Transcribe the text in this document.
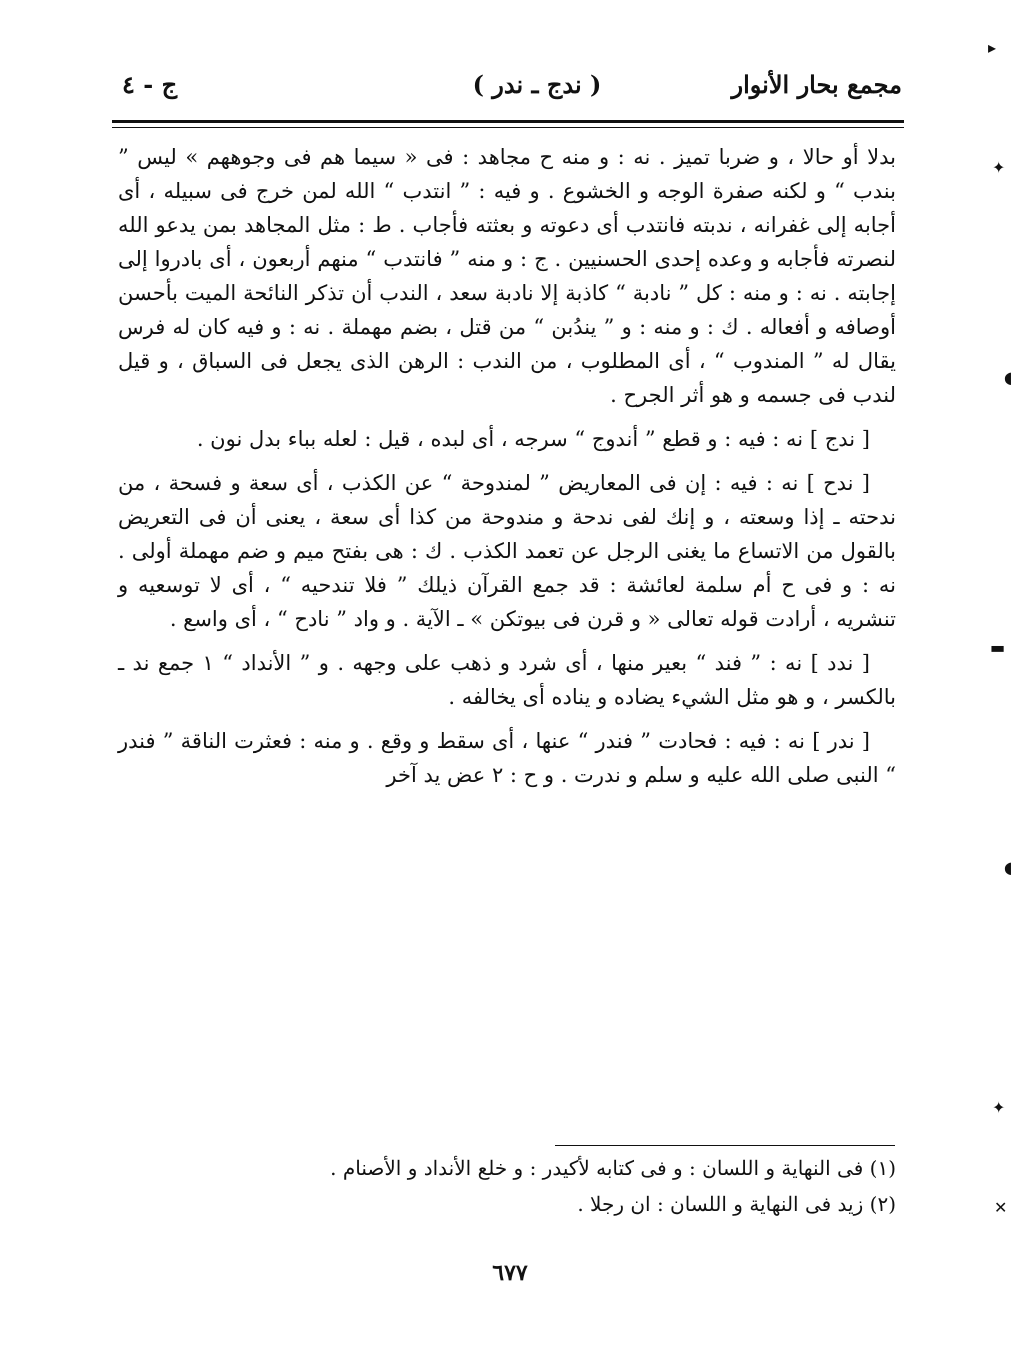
مجمع بحار الأنوار
( ندج ـ ندر )
ج - ٤

بدلا أو حالا ، و ضربا تميز . نه : و منه ح مجاهد : فى « سيما هم فى وجوههم » ليس ” بندب “ و لكنه صفرة الوجه و الخشوع . و فيه : ” انتدب “ الله لمن خرج فى سبيله ، أى أجابه إلى غفرانه ، ندبته فانتدب أى دعوته و بعثته فأجاب . ط : مثل المجاهد بمن يدعو الله لنصرته فأجابه و وعده إحدى الحسنيين . ج : و منه ” فانتدب “ منهم أربعون ، أى بادروا إلى إجابته . نه : و منه : كل ” نادبة “ كاذبة إلا نادبة سعد ، الندب أن تذكر النائحة الميت بأحسن أوصافه و أفعاله . ك : و منه : و ” يندُبن “ من قتل ، بضم مهملة . نه : و فيه كان له فرس يقال له ” المندوب “ ، أى المطلوب ، من الندب : الرهن الذى يجعل فى السباق ، و قيل لندب فى جسمه و هو أثر الجرح .

[ ندج ] نه : فيه : و قطع ” أندوج “ سرجه ، أى لبده ، قيل : لعله بباء بدل نون .

[ ندح ] نه : فيه : إن فى المعاريض ” لمندوحة “ عن الكذب ، أى سعة و فسحة ، من ندحته ـ إذا وسعته ، و إنك لفى ندحة و مندوحة من كذا أى سعة ، يعنى أن فى التعريض بالقول من الاتساع ما يغنى الرجل عن تعمد الكذب . ك : هى بفتح ميم و ضم مهملة أولى . نه : و فى ح أم سلمة لعائشة : قد جمع القرآن ذيلك ” فلا تندحيه “ ، أى لا توسعيه و تنشريه ، أرادت قوله تعالى « و قرن فى بيوتكن » ـ الآية . و واد ” نادح “ ، أى واسع .

[ ندد ] نه : ” فند “ بعير منها ، أى شرد و ذهب على وجهه . و ” الأنداد “ ١ جمع ند ـ بالكسر ، و هو مثل الشيء يضاده و يناده أى يخالفه .

[ ندر ] نه : فيه : فحادت ” فندر “ عنها ، أى سقط و وقع . و منه : فعثرت الناقة ” فندر “ النبى صلى الله عليه و سلم و ندرت . و ح : ٢ عض يد آخر

(١) فى النهاية و اللسان : و فى كتابه لأكيدر : و خلع الأنداد و الأصنام .
(٢) زيد فى النهاية و اللسان : ان رجلا .
٦٧٧
▸
✦
◖
▬
◖
✦
✕
